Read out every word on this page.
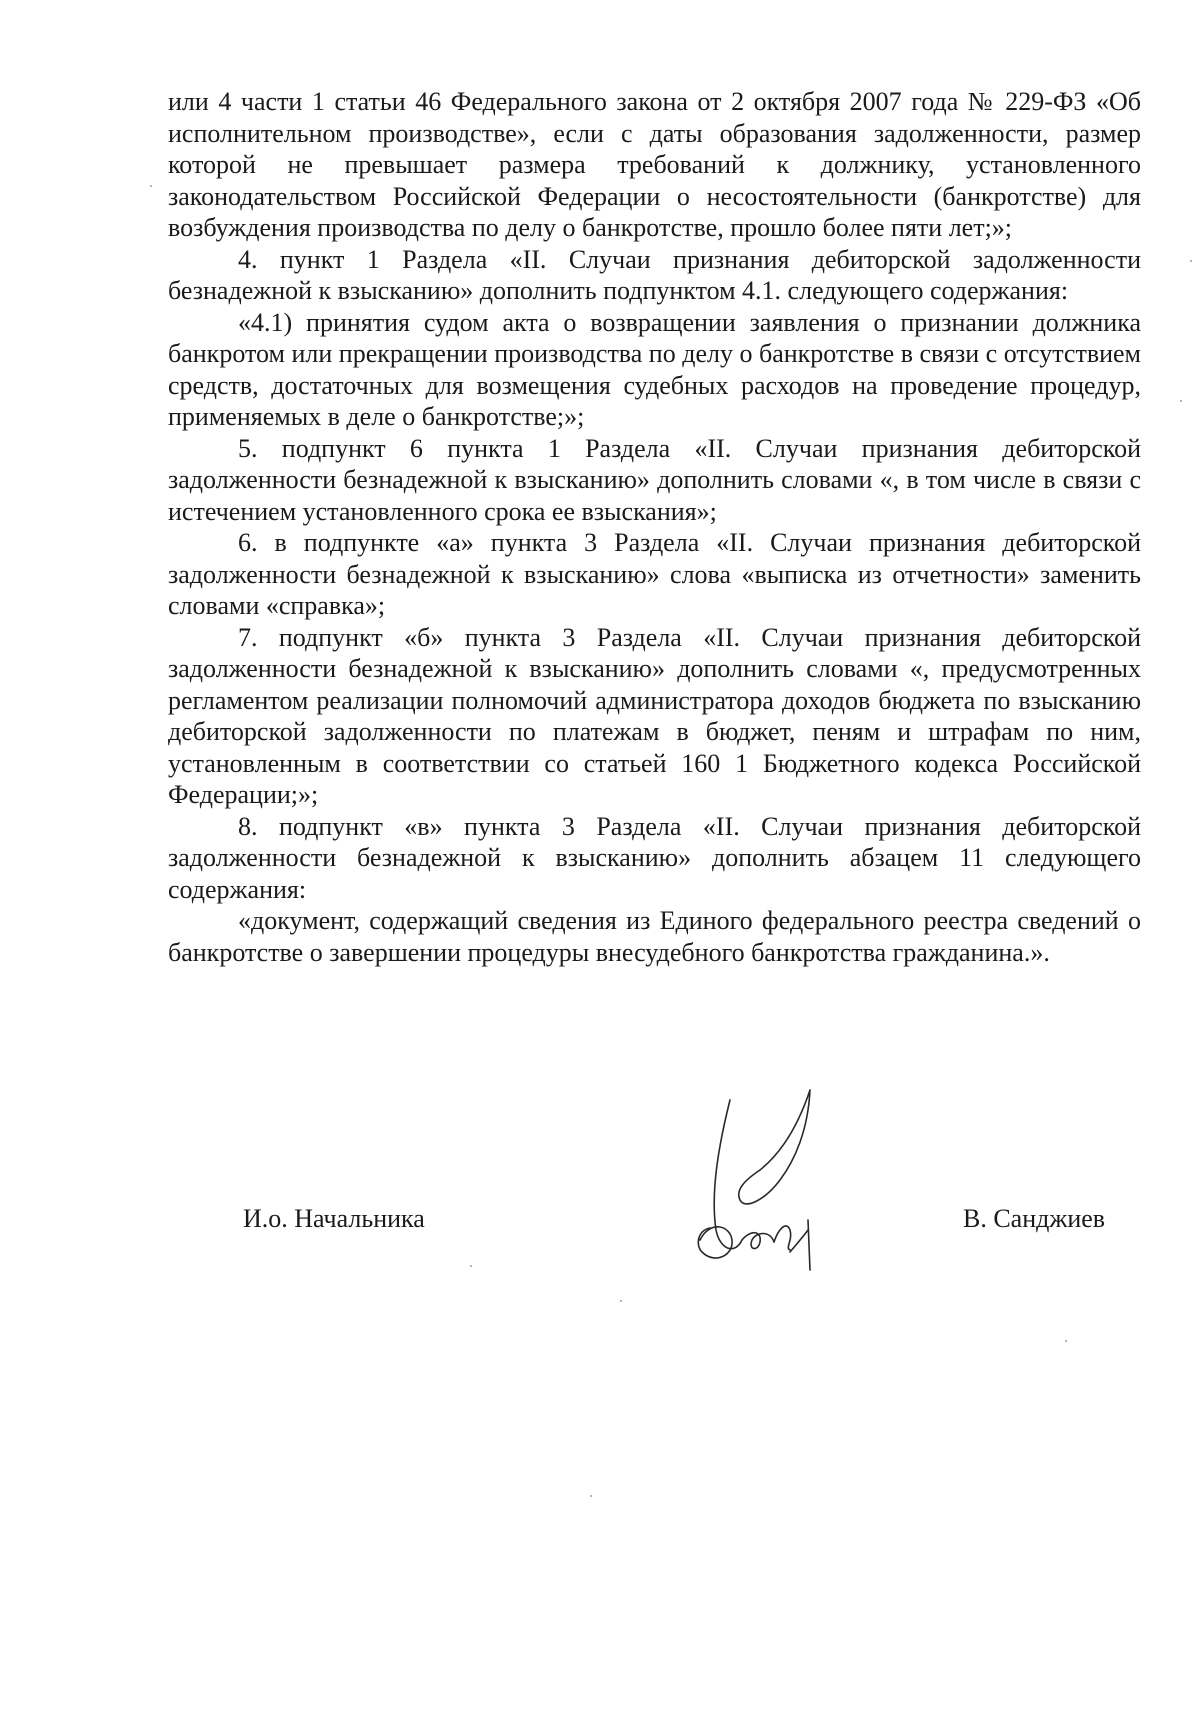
или 4 части 1 статьи 46 Федерального закона от 2 октября 2007 года № 229-ФЗ «Об исполнительном производстве», если с даты образования задолженности, размер которой не превышает размера требований к должнику, установленного законодательством Российской Федерации о несостоятельности (банкротстве) для возбуждения производства по делу о банкротстве, прошло более пяти лет;»;

4. пункт 1 Раздела «II. Случаи признания дебиторской задолженности безнадежной к взысканию» дополнить подпунктом 4.1. следующего содержания:

«4.1) принятия судом акта о возвращении заявления о признании должника банкротом или прекращении производства по делу о банкротстве в связи с отсутствием средств, достаточных для возмещения судебных расходов на проведение процедур, применяемых в деле о банкротстве;»;

5. подпункт 6 пункта 1 Раздела «II. Случаи признания дебиторской задолженности безнадежной к взысканию» дополнить словами «, в том числе в связи с истечением установленного срока ее взыскания»;

6. в подпункте «а» пункта 3 Раздела «II. Случаи признания дебиторской задолженности безнадежной к взысканию» слова «выписка из отчетности» заменить словами «справка»;

7. подпункт «б» пункта 3 Раздела «II. Случаи признания дебиторской задолженности безнадежной к взысканию» дополнить словами «, предусмотренных регламентом реализации полномочий администратора доходов бюджета по взысканию дебиторской задолженности по платежам в бюджет, пеням и штрафам по ним, установленным в соответствии со статьей 160 1 Бюджетного кодекса Российской Федерации;»;

8. подпункт «в» пункта 3 Раздела «II. Случаи признания дебиторской задолженности безнадежной к взысканию» дополнить абзацем 11 следующего содержания:

«документ, содержащий сведения из Единого федерального реестра сведений о банкротстве о завершении процедуры внесудебного банкротства гражданина.».

И.о. Начальника	В. Санджиев
